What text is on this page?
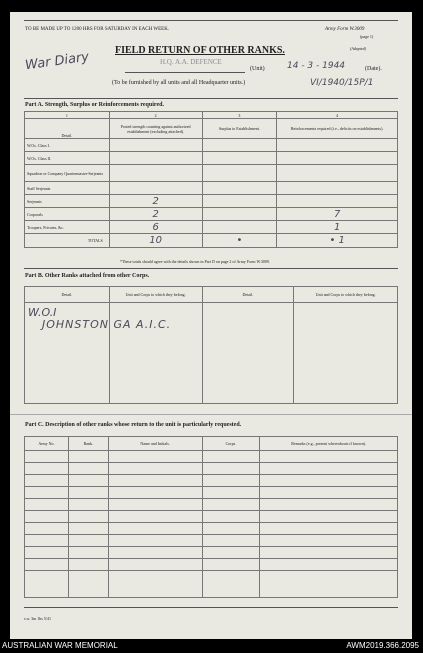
TO BE MADE UP TO 1200 HRS FOR SATURDAY IN EACH WEEK.	Army Form W.3009
(page 1)
(Adapted)
War Diary	FIELD RETURN OF OTHER RANKS.
H.Q. A.A. DEFENCE
(Unit) 14 - 3 - 1944	(Date).
(To be furnished by all units and all Headquarter units.)	VI/1940/15P/1
Part A. Strength, Surplus or Reinforcements required.
1	2	3	4
Detail.	Posted strength counting against authorized establishment (excluding attached).	Surplus to Establishment.	Reinforcements required (i.e., deficits on establishments).
W.Os. Class I.			
W.Os. Class II.			
Squadron or Company Quartermaster-Serjeants			
Staff Serjeants			
Serjeants	2		
Corporals	2		7
Troopers, Privates, &c.	6		1
TOTALS	10	•	• 1
*These totals should agree with the details shown in Part D on page 2 of Army Form W.3009.
Part B. Other Ranks attached from other Corps.
Detail.	Unit and Corps to which they belong.	Detail.	Unit and Corps to which they belong.

W.O.I
JOHNSTON GA A.I.C.
Part C. Description of other ranks whose return to the unit is particularly requested.
Army No.	Rank.	Name and Initials.	Corps.	Remarks (e.g., present whereabouts if known).

s.w. 3m 1hs 5/41
AUSTRALIAN WAR MEMORIAL	AWM2019.366.2095
